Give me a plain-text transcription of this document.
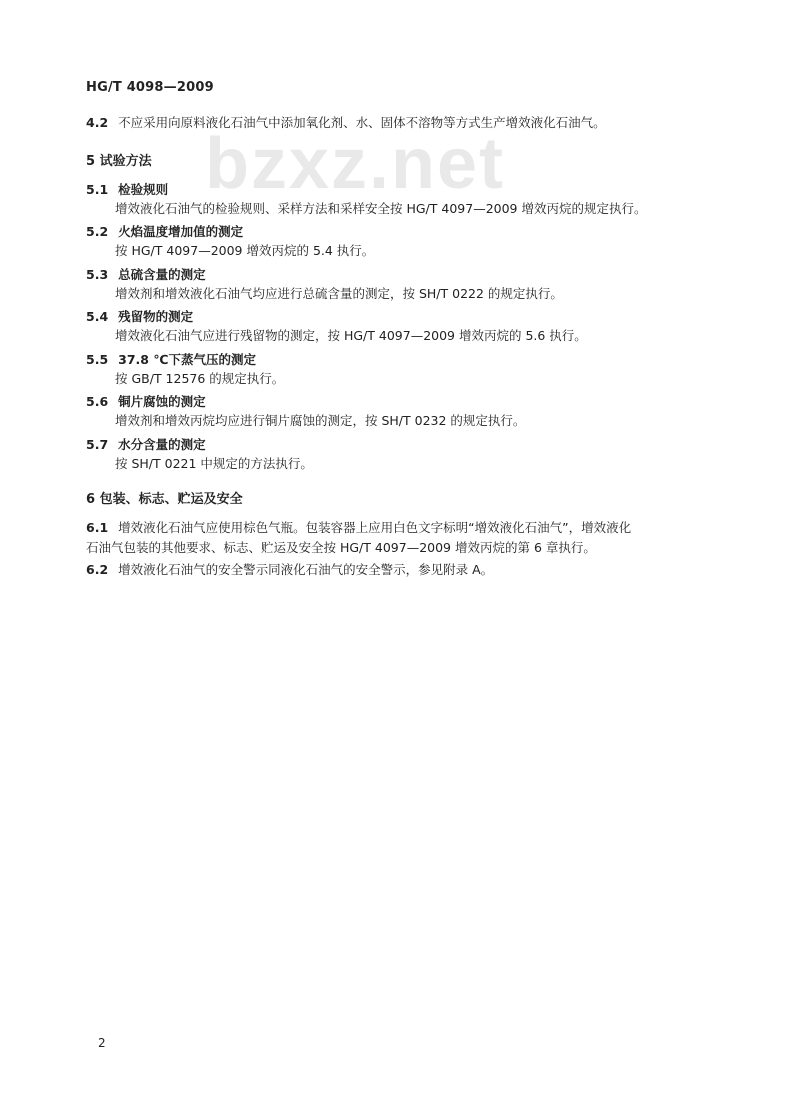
bzxz.net
HG/T 4098—2009
4.2 不应采用向原料液化石油气中添加氧化剂、水、固体不溶物等方式生产增效液化石油气。
5 试验方法
5.1 检验规则
增效液化石油气的检验规则、采样方法和采样安全按 HG/T 4097—2009 增效丙烷的规定执行。
5.2 火焰温度增加值的测定
按 HG/T 4097—2009 增效丙烷的 5.4 执行。
5.3 总硫含量的测定
增效剂和增效液化石油气均应进行总硫含量的测定，按 SH/T 0222 的规定执行。
5.4 残留物的测定
增效液化石油气应进行残留物的测定，按 HG/T 4097—2009 增效丙烷的 5.6 执行。
5.5 37.8 ℃下蒸气压的测定
按 GB/T 12576 的规定执行。
5.6 铜片腐蚀的测定
增效剂和增效丙烷均应进行铜片腐蚀的测定，按 SH/T 0232 的规定执行。
5.7 水分含量的测定
按 SH/T 0221 中规定的方法执行。
6 包装、标志、贮运及安全
6.1 增效液化石油气应使用棕色气瓶。包装容器上应用白色文字标明“增效液化石油气”，增效液化
石油气包装的其他要求、标志、贮运及安全按 HG/T 4097—2009 增效丙烷的第 6 章执行。
6.2 增效液化石油气的安全警示同液化石油气的安全警示，参见附录 A。
2
